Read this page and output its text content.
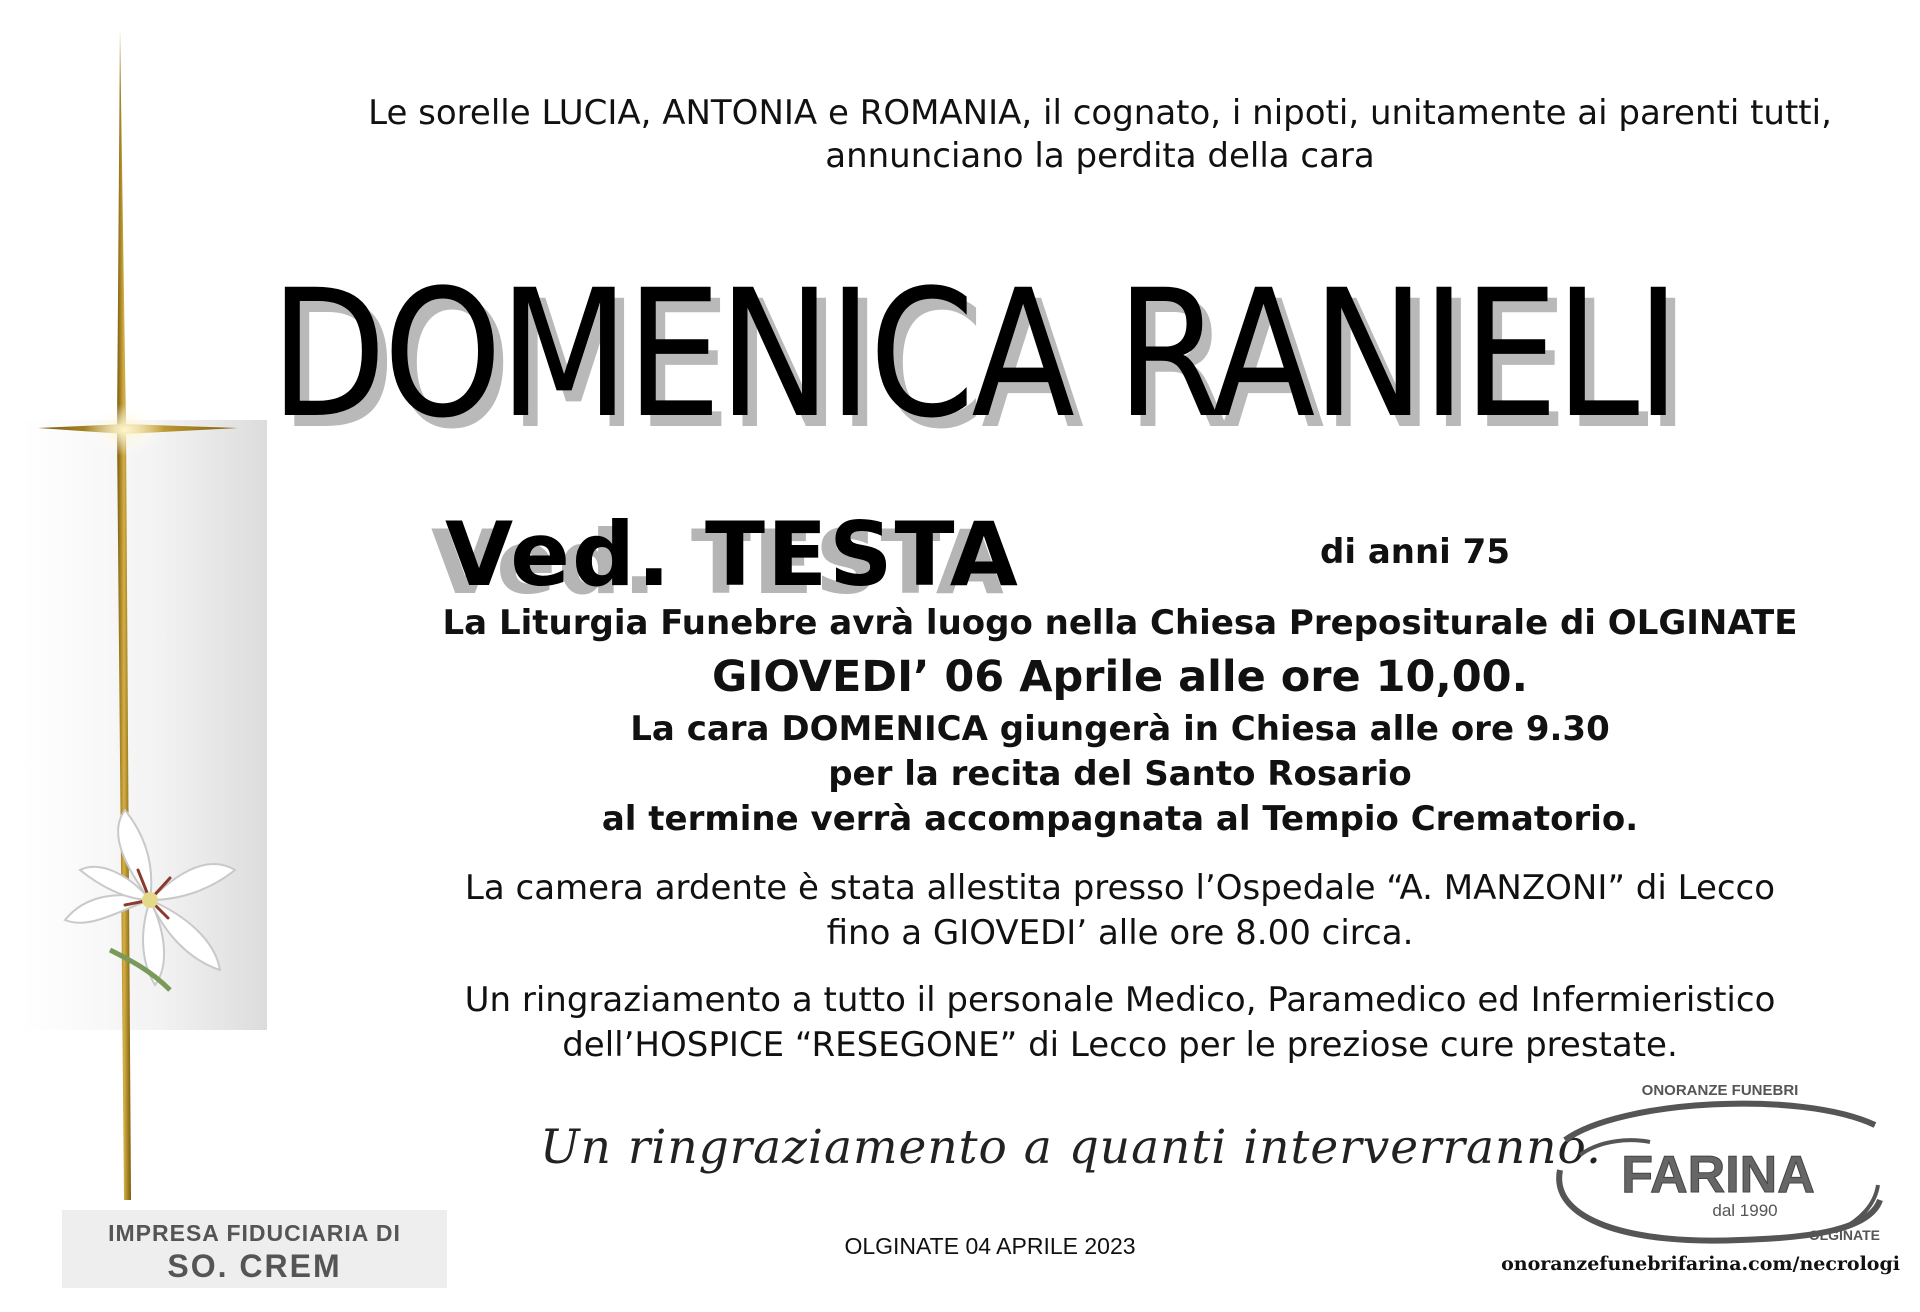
Le sorelle LUCIA, ANTONIA e ROMANIA, il cognato, i nipoti, unitamente ai parenti tutti,
annunciano la perdita della cara
DOMENICA RANIELI
Ved. TESTA	di anni 75
La Liturgia Funebre avrà luogo nella Chiesa Prepositurale di OLGINATE
GIOVEDI’ 06 Aprile alle ore 10,00.
La cara DOMENICA giungerà in Chiesa alle ore 9.30
per la recita del Santo Rosario
al termine verrà accompagnata al Tempio Crematorio.
La camera ardente è stata allestita presso l’Ospedale “A. MANZONI” di Lecco
fino a GIOVEDI’ alle ore 8.00 circa.
Un ringraziamento a tutto il personale Medico, Paramedico ed Infermieristico
dell’HOSPICE “RESEGONE” di Lecco per le preziose cure prestate.
Un ringraziamento a quanti interverranno.
OLGINATE 04 APRILE 2023
IMPRESA FIDUCIARIA DI
SO. CREM
ONORANZE FUNEBRI
FARINA
dal 1990
OLGINATE
onoranzefunebrifarina.com/necrologi
